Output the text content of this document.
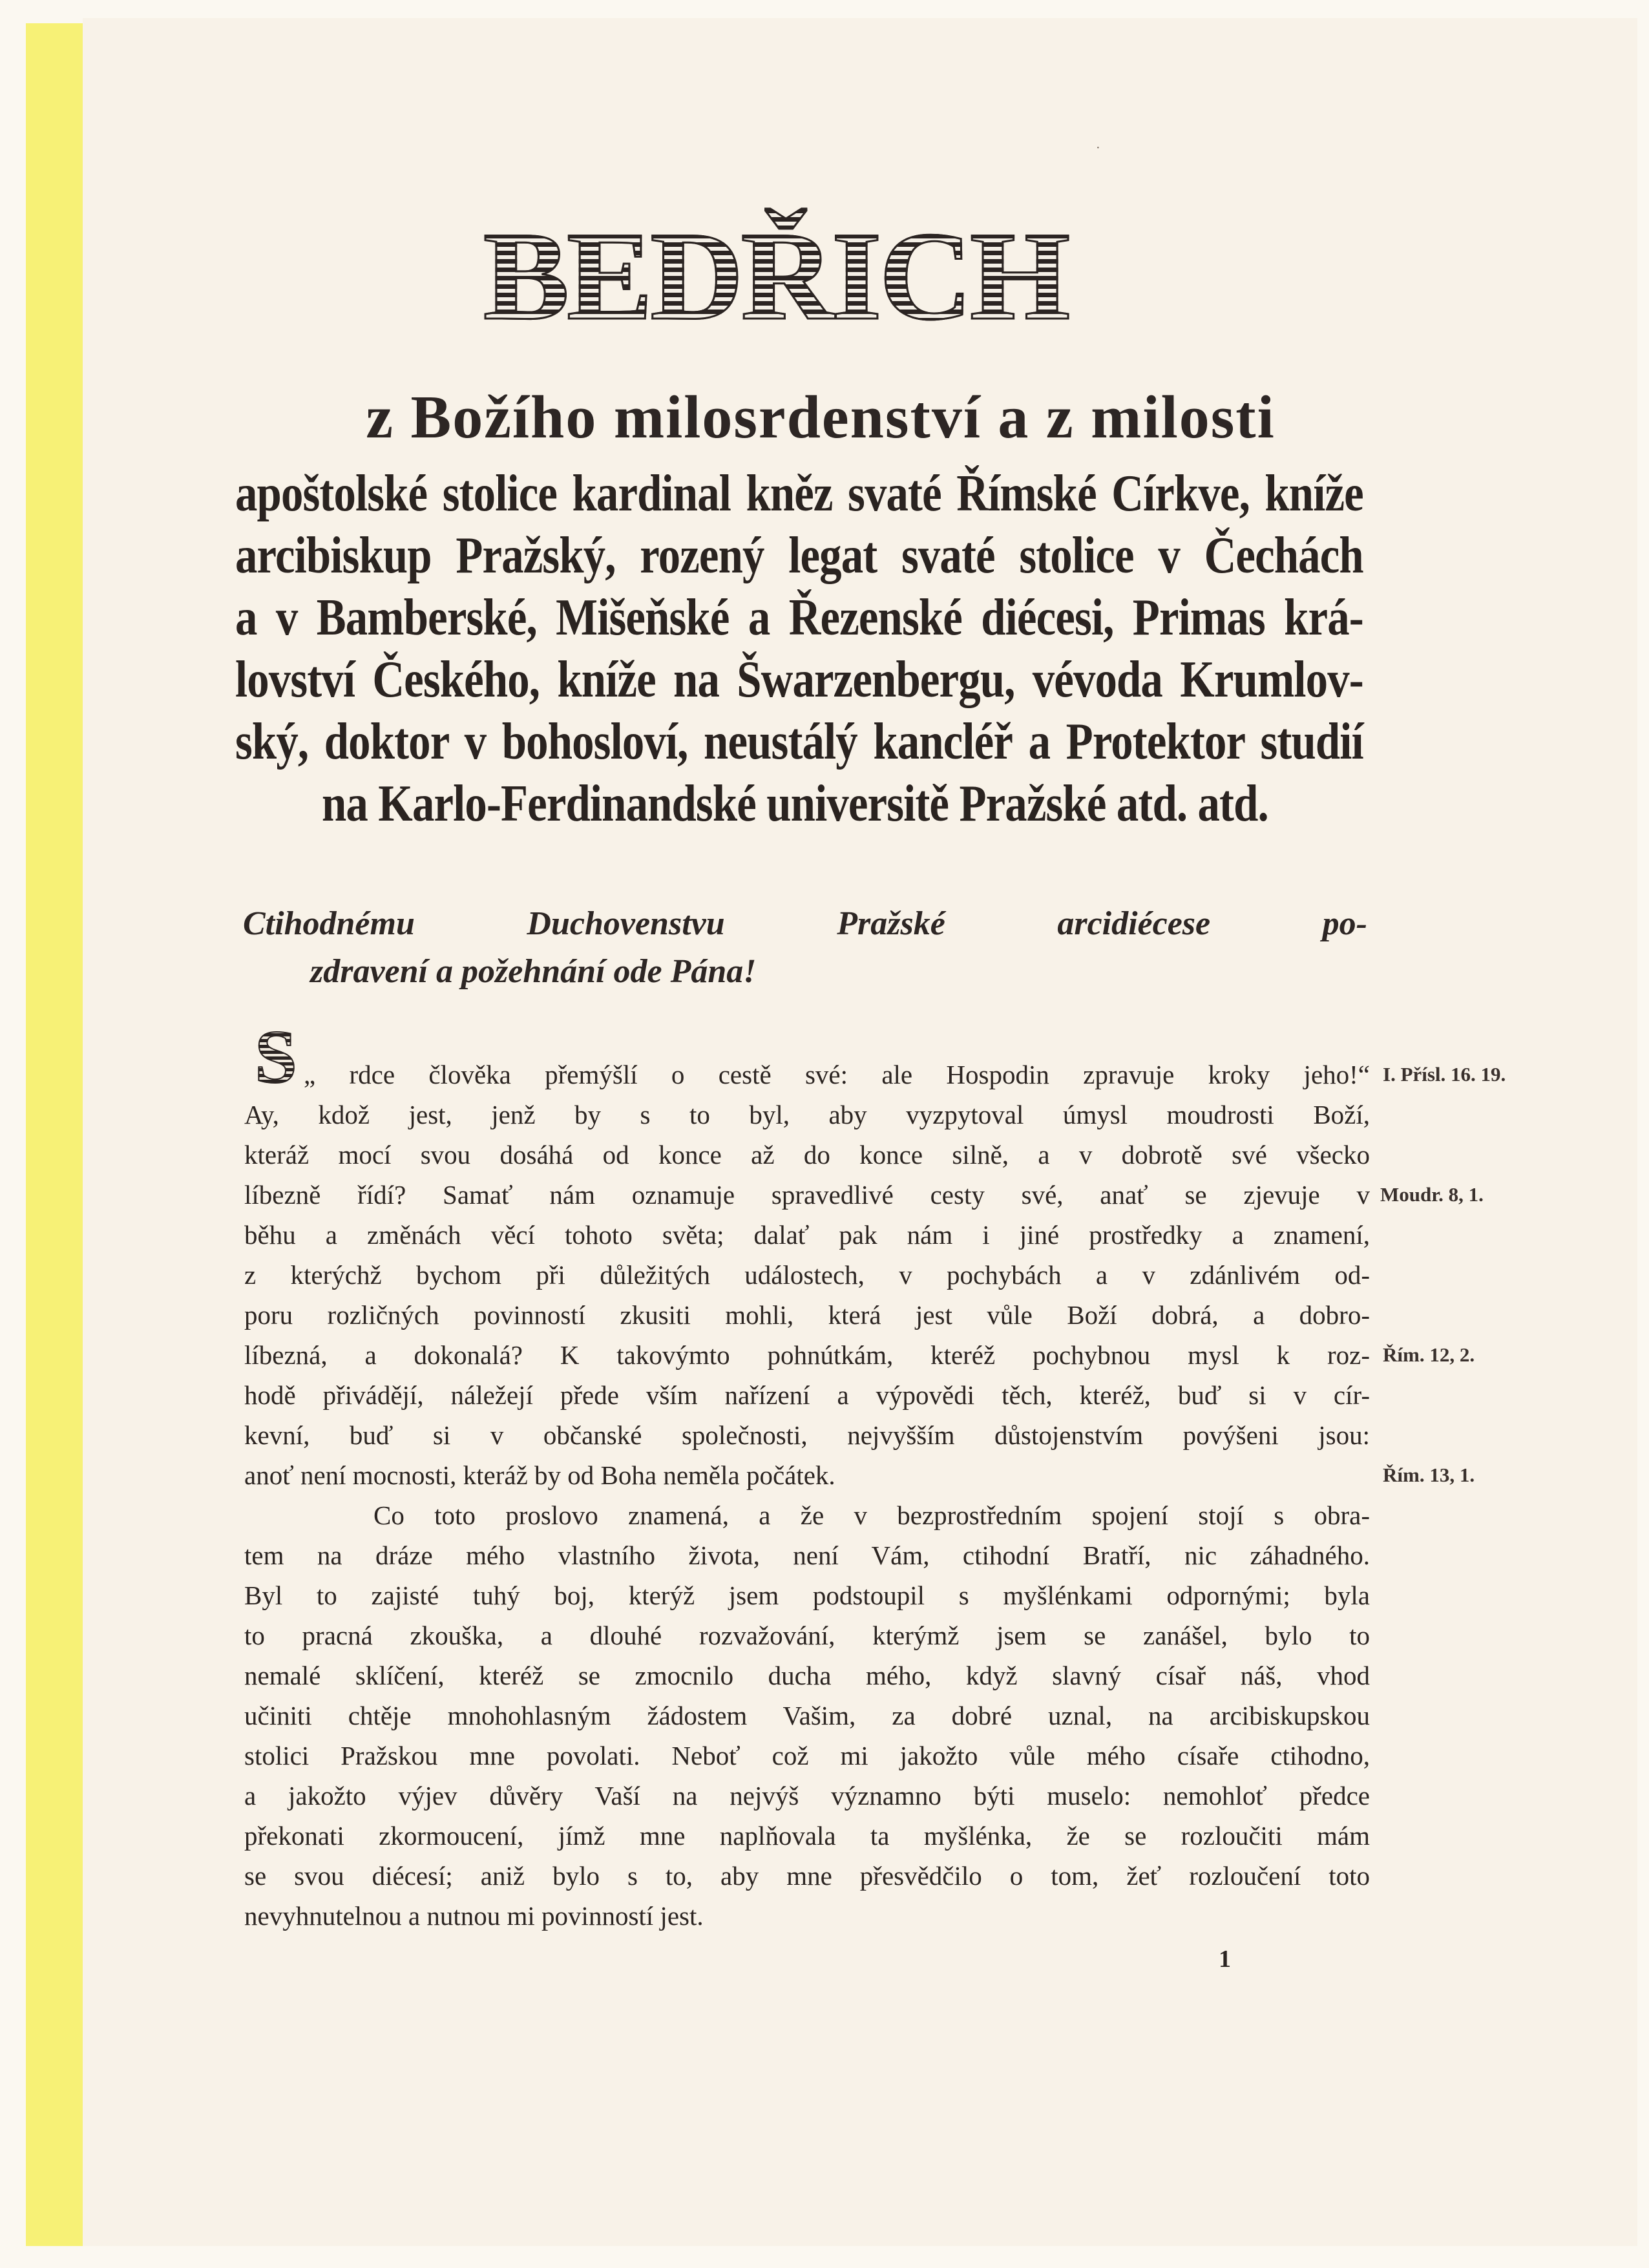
·
BEDŘICH
z Božího milosrdenství a z milosti
apoštolské stolice kardinal kněz svaté Římské Církve, kníže
arcibiskup Pražský, rozený legat svaté stolice v Čechách
a v Bamberské, Mišeňské a Řezenské diécesi, Primas krá-
lovství Českého, kníže na Šwarzenbergu, vévoda Krumlov-
ský, doktor v bohosloví, neustálý kancléř a Protektor studií
na Karlo-Ferdinandské universitě Pražské atd. atd.
Ctihodnému Duchovenstvu Pražské arcidiécese po-
zdravení a požehnání ode Pána!
S „ rdce člověka přemýšlí o cestě své: ale Hospodin zpravuje kroky jeho!“
Ay, kdož jest, jenž by s to byl, aby vyzpytoval úmysl moudrosti Boží,
kteráž mocí svou dosáhá od konce až do konce silně, a v dobrotě své všecko
líbezně řídí? Samať nám oznamuje spravedlivé cesty své, anať se zjevuje v
běhu a změnách věcí tohoto světa; dalať pak nám i jiné prostředky a znamení,
z kterýchž bychom při důležitých událostech, v pochybách a v zdánlivém od-
poru rozličných povinností zkusiti mohli, která jest vůle Boží dobrá, a dobro-
líbezná, a dokonalá? K takovýmto pohnútkám, kteréž pochybnou mysl k roz-
hodě přivádějí, náležejí přede vším nařízení a výpovědi těch, kteréž, buď si v cír-
kevní, buď si v občanské společnosti, nejvyšším důstojenstvím povýšeni jsou:
anoť není mocnosti, kteráž by od Boha neměla počátek.
Co toto proslovo znamená, a že v bezprostředním spojení stojí s obra-
tem na dráze mého vlastního života, není Vám, ctihodní Bratří, nic záhadného.
Byl to zajisté tuhý boj, kterýž jsem podstoupil s myšlénkami odpornými; byla
to pracná zkouška, a dlouhé rozvažování, kterýmž jsem se zanášel, bylo to
nemalé sklíčení, kteréž se zmocnilo ducha mého, když slavný císař náš, vhod
učiniti chtěje mnohohlasným žádostem Vašim, za dobré uznal, na arcibiskupskou
stolici Pražskou mne povolati. Neboť což mi jakožto vůle mého císaře ctihodno,
a jakožto výjev důvěry Vaší na nejvýš významno býti muselo: nemohloť předce
překonati zkormoucení, jímž mne naplňovala ta myšlénka, že se rozloučiti mám
se svou diécesí; aniž bylo s to, aby mne přesvědčilo o tom, žeť rozloučení toto
nevyhnutelnou a nutnou mi povinností jest.
I. Přísl. 16. 19.
Moudr. 8, 1.
Řím. 12, 2.
Řím. 13, 1.
1
